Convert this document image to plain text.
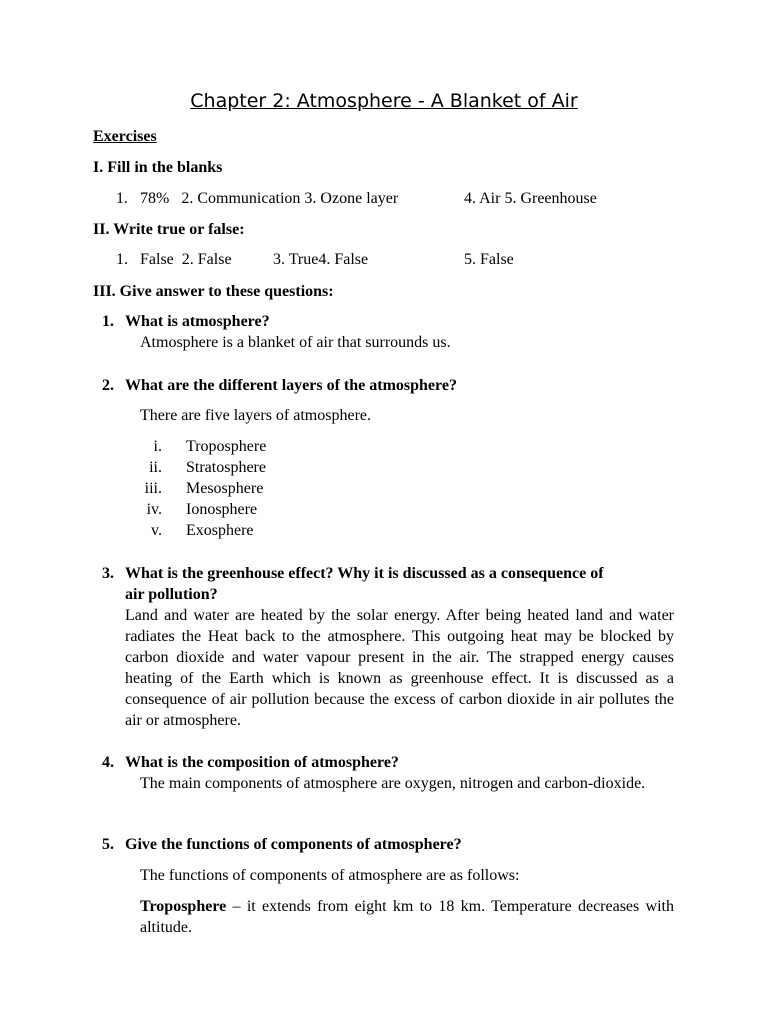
Chapter 2: Atmosphere - A Blanket of Air
Exercises
I. Fill in the blanks
1. 78%   2. Communication 3. Ozone layer	4. Air 5. Greenhouse
II. Write true or false:
1. False  2. False	3. True4. False	5. False
III. Give answer to these questions:
1. What is atmosphere?
Atmosphere is a blanket of air that surrounds us.
2. What are the different layers of the atmosphere?
There are five layers of atmosphere.
i. Troposphere
ii. Stratosphere
iii. Mesosphere
iv. Ionosphere
v. Exosphere
3. What is the greenhouse effect? Why it is discussed as a consequence of
air pollution?
Land and water are heated by the solar energy. After being heated land and water radiates the Heat back to the atmosphere. This outgoing heat may be blocked by carbon dioxide and water vapour present in the air. The strapped energy causes heating of the Earth which is known as greenhouse effect. It is discussed as a consequence of air pollution because the excess of carbon dioxide in air pollutes the air or atmosphere.
4. What is the composition of atmosphere?
The main components of atmosphere are oxygen, nitrogen and carbon-dioxide.
5. Give the functions of components of atmosphere?
The functions of components of atmosphere are as follows:
Troposphere – it extends from eight km to 18 km. Temperature decreases with altitude.
